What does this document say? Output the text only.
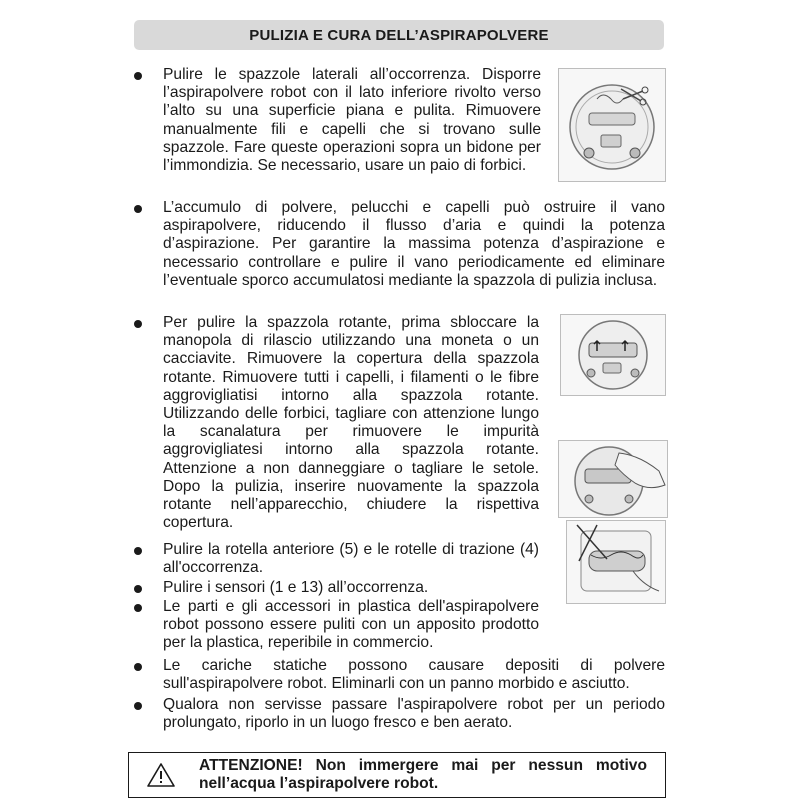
PULIZIA E CURA DELL’ASPIRAPOLVERE

Pulire le spazzole laterali all’occorrenza. Disporre l’aspirapolvere robot con il lato inferiore rivolto verso l’alto su una superficie piana e pulita. Rimuovere manualmente fili e capelli che si trovano sulle spazzole. Fare queste operazioni sopra un bidone per l’immondizia. Se necessario, usare un paio di forbici.

L’accumulo di polvere, pelucchi e capelli può ostruire il vano aspirapolvere, riducendo il flusso d’aria e quindi la potenza d’aspirazione. Per garantire la massima potenza d’aspirazione e necessario controllare e pulire il vano periodicamente ed eliminare l’eventuale sporco accumulatosi mediante la spazzola di pulizia inclusa.

Per pulire la spazzola rotante, prima sbloccare la manopola di rilascio utilizzando una moneta o un cacciavite. Rimuovere la copertura della spazzola rotante. Rimuovere tutti i capelli, i filamenti o le fibre aggrovigliatisi intorno alla spazzola rotante. Utilizzando delle forbici, tagliare con attenzione lungo la scanalatura per rimuovere le impurità aggrovigliatesi intorno alla spazzola rotante. Attenzione a non danneggiare o tagliare le setole. Dopo la pulizia, inserire nuovamente la spazzola rotante nell’apparecchio, chiudere la rispettiva copertura.

Pulire la rotella anteriore (5) e le rotelle di trazione (4) all'occorrenza.

Pulire i sensori (1 e 13) all’occorrenza.

Le parti e gli accessori in plastica dell'aspirapolvere robot possono essere puliti con un apposito prodotto per la plastica, reperibile in commercio.

Le cariche statiche possono causare depositi di polvere sull'aspirapolvere robot. Eliminarli con un panno morbido e asciutto.

Qualora non servisse passare l'aspirapolvere robot per un periodo prolungato, riporlo in un luogo fresco e ben aerato.

ATTENZIONE! Non immergere mai per nessun motivo nell’acqua l’aspirapolvere robot.
